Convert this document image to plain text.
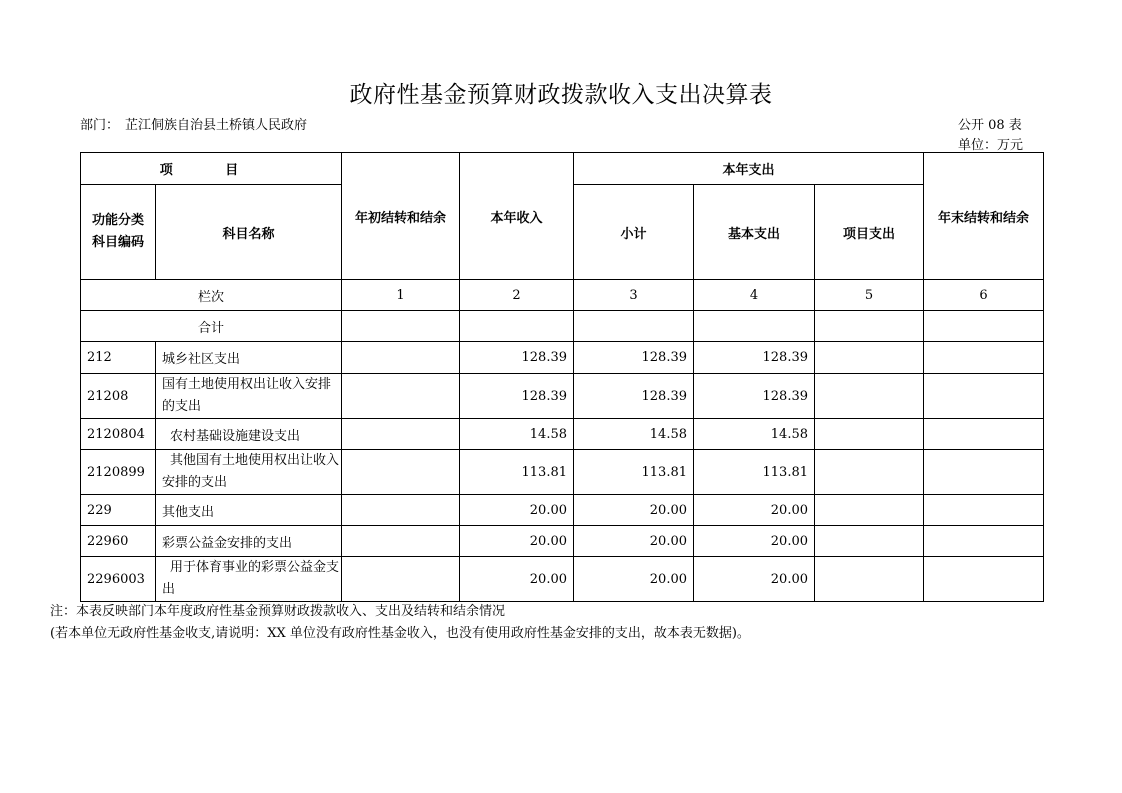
政府性基金预算财政拨款收入支出决算表
部门： 芷江侗族自治县土桥镇人民政府	公开 08 表
单位：万元
项 目		年初结转和结余	本年收入	本年支出			年末结转和结余
功能分类科目编码	科目名称			小计	基本支出	项目支出	
栏次		1	2	3	4	5	6
合计							
212	城乡社区支出		128.39	128.39	128.39		
21208	国有土地使用权出让收入安排的支出		128.39	128.39	128.39		
2120804	农村基础设施建设支出		14.58	14.58	14.58		
2120899	其他国有土地使用权出让收入安排的支出		113.81	113.81	113.81		
229	其他支出		20.00	20.00	20.00		
22960	彩票公益金安排的支出		20.00	20.00	20.00		
2296003	用于体育事业的彩票公益金支出		20.00	20.00	20.00		
注：本表反映部门本年度政府性基金预算财政拨款收入、支出及结转和结余情况
(若本单位无政府性基金收支,请说明：XX 单位没有政府性基金收入，也没有使用政府性基金安排的支出，故本表无数据)。
